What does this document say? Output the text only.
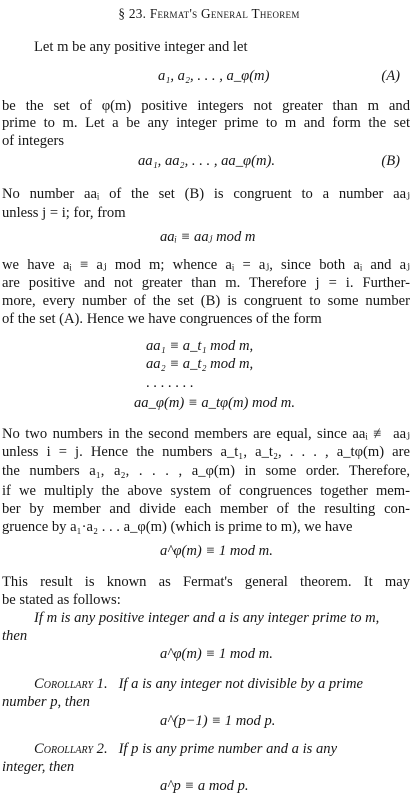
§ 23. Fermat's General Theorem
Let m be any positive integer and let
a₁, a₂, . . . , a_φ(m)	(A)
be the set of φ(m) positive integers not greater than m and
prime to m. Let a be any integer prime to m and form the set
of integers
aa₁, aa₂, . . . , aa_φ(m).	(B)
No number aaᵢ of the set (B) is congruent to a number aaⱼ
unless j = i; for, from
aaᵢ ≡ aaⱼ mod m
we have aᵢ ≡ aⱼ mod m; whence aᵢ = aⱼ, since both aᵢ and aⱼ
are positive and not greater than m. Therefore j = i. Further-
more, every number of the set (B) is congruent to some number
of the set (A). Hence we have congruences of the form
aa₁ ≡ a_t₁ mod m,
aa₂ ≡ a_t₂ mod m,
. . . . . . .
aa_φ(m) ≡ a_tφ(m) mod m.
No two numbers in the second members are equal, since aaᵢ ≢ aaⱼ
unless i = j. Hence the numbers a_t₁, a_t₂, . . . , a_tφ(m) are
the numbers a₁, a₂, . . . , a_φ(m) in some order. Therefore,
if we multiply the above system of congruences together mem-
ber by member and divide each member of the resulting con-
gruence by a₁·a₂ . . . a_φ(m) (which is prime to m), we have
a^φ(m) ≡ 1 mod m.
This result is known as Fermat's general theorem. It may
be stated as follows:
If m is any positive integer and a is any integer prime to m,
then
a^φ(m) ≡ 1 mod m.
Corollary 1. If a is any integer not divisible by a prime
number p, then
a^(p−1) ≡ 1 mod p.
Corollary 2. If p is any prime number and a is any
integer, then
a^p ≡ a mod p.
